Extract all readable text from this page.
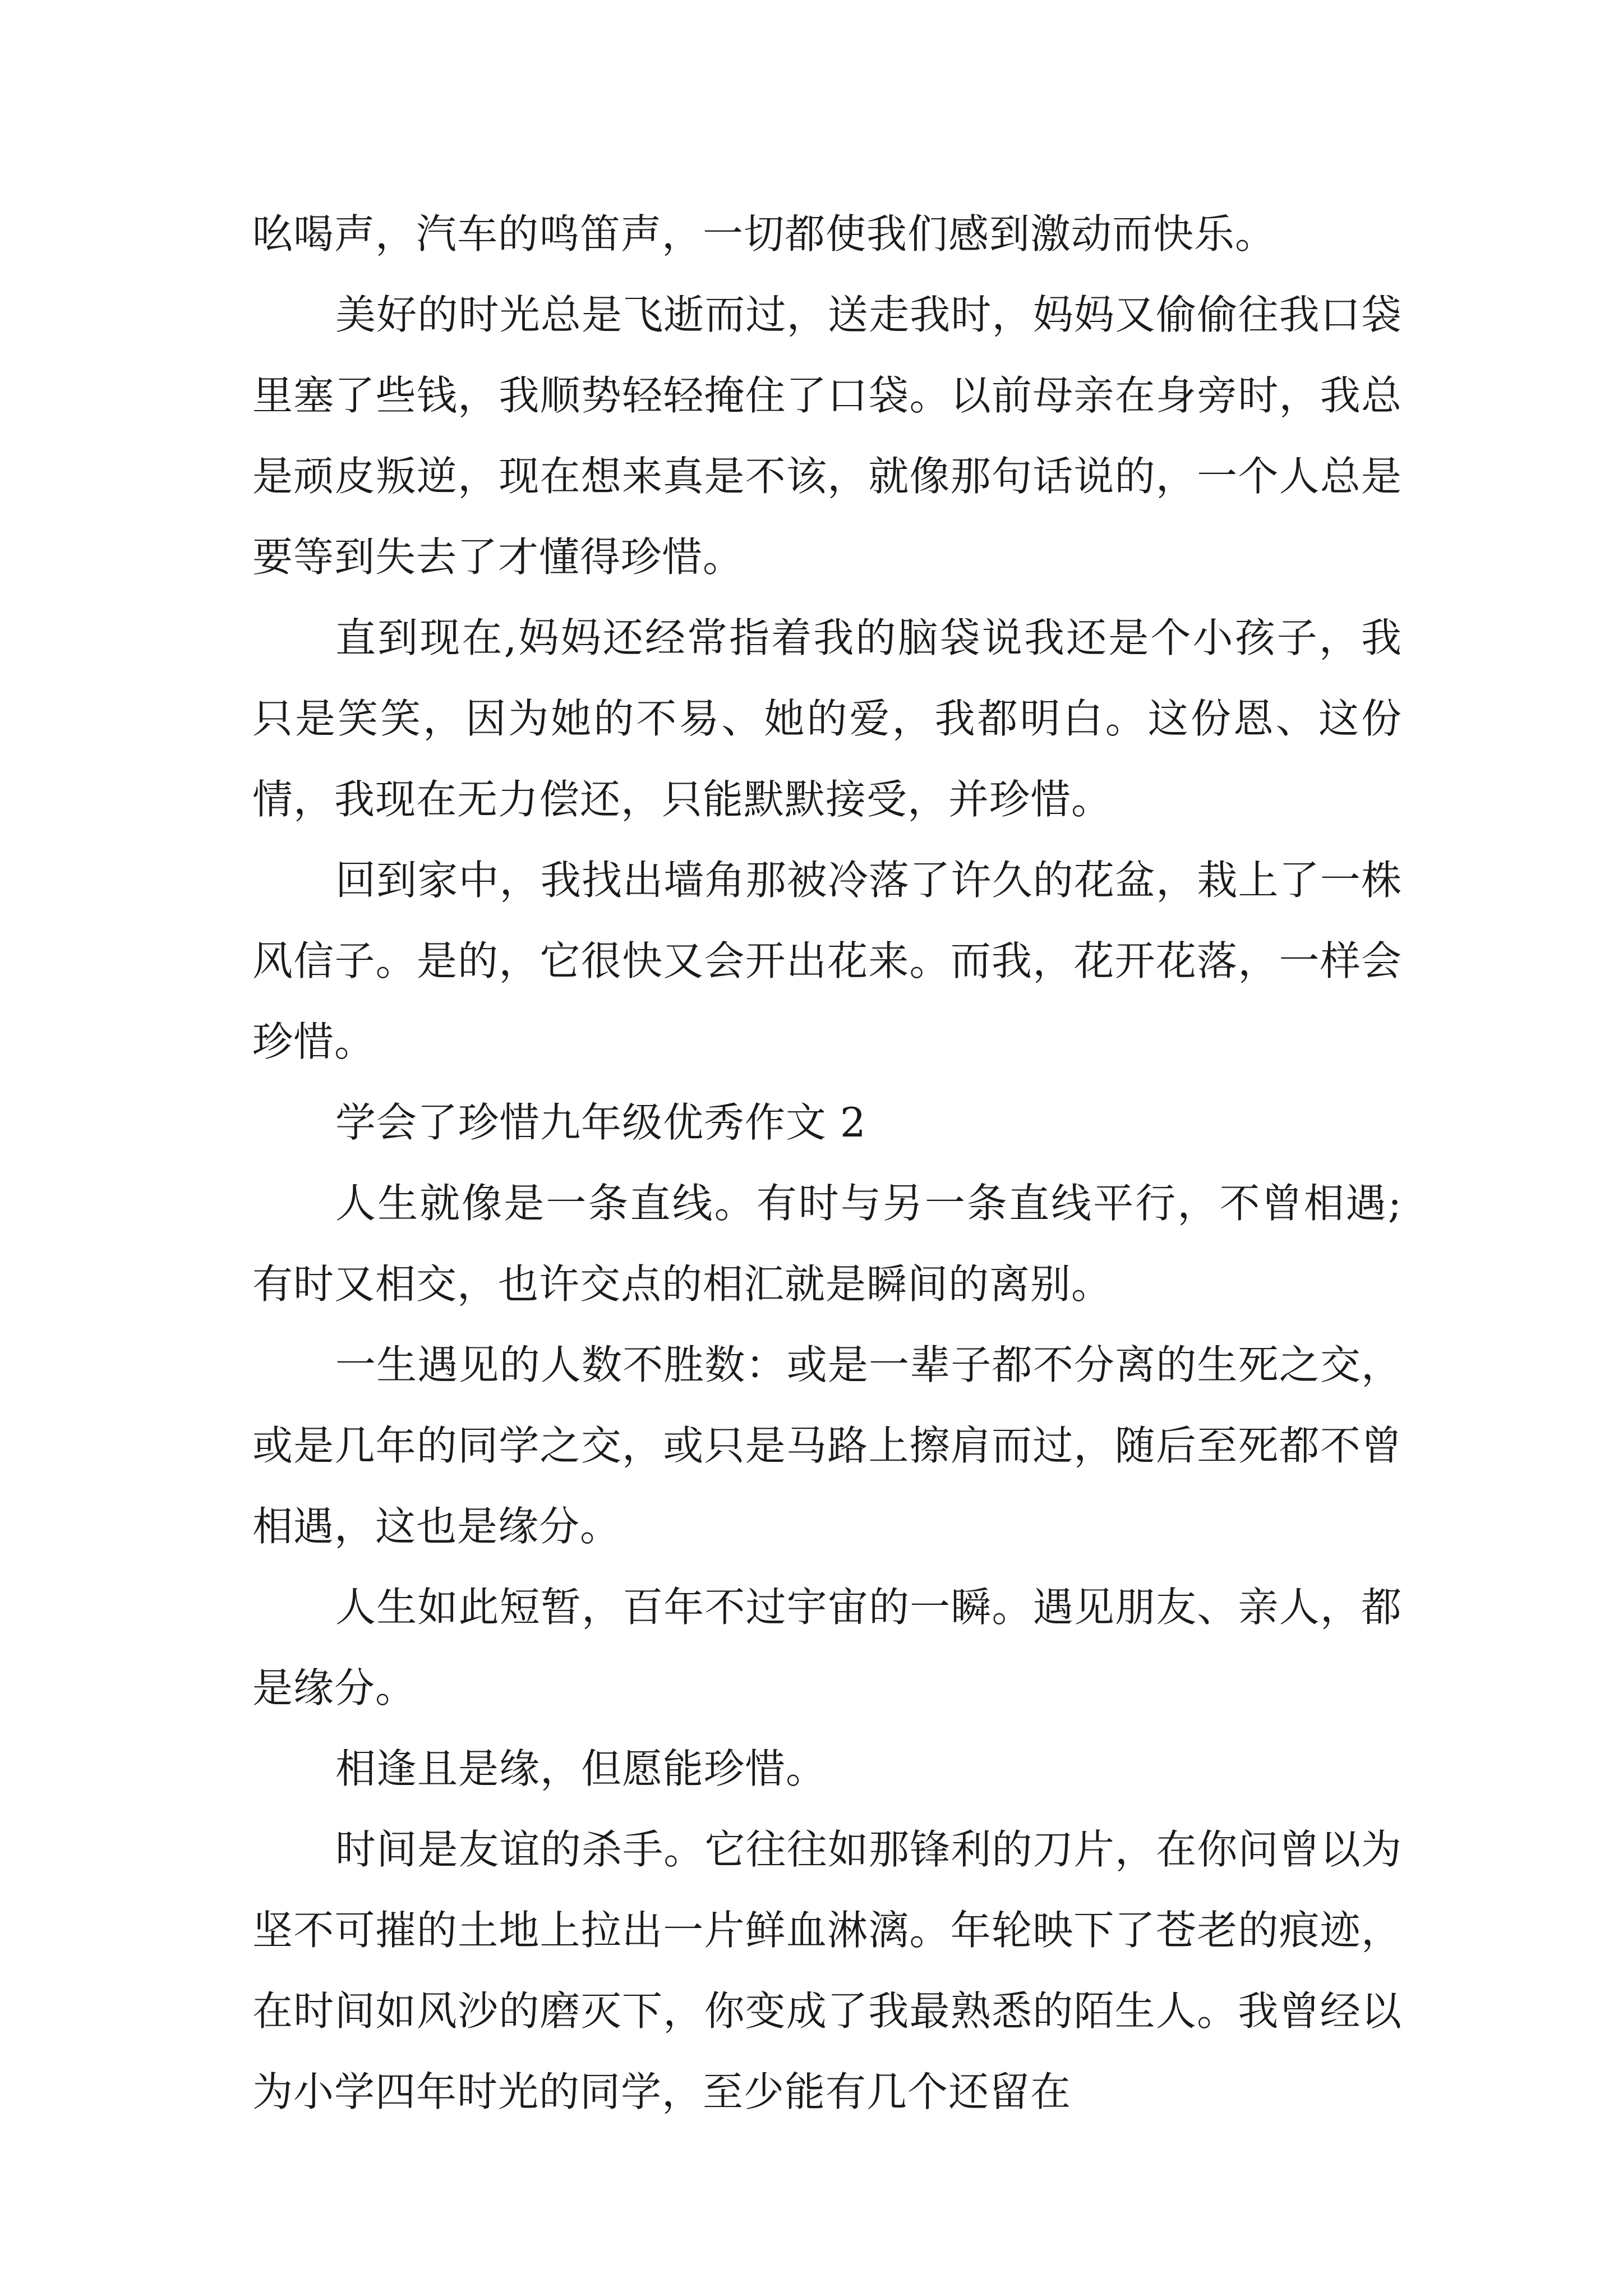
吆喝声，汽车的鸣笛声，一切都使我们感到激动而快乐。

美好的时光总是飞逝而过，送走我时，妈妈又偷偷往我口袋里塞了些钱，我顺势轻轻掩住了口袋。以前母亲在身旁时，我总是顽皮叛逆，现在想来真是不该，就像那句话说的，一个人总是要等到失去了才懂得珍惜。

直到现在,妈妈还经常指着我的脑袋说我还是个小孩子，我只是笑笑，因为她的不易、她的爱，我都明白。这份恩、这份情，我现在无力偿还，只能默默接受，并珍惜。

回到家中，我找出墙角那被冷落了许久的花盆，栽上了一株风信子。是的，它很快又会开出花来。而我，花开花落，一样会珍惜。

学会了珍惜九年级优秀作文 2

人生就像是一条直线。有时与另一条直线平行，不曾相遇;有时又相交，也许交点的相汇就是瞬间的离别。

一生遇见的人数不胜数：或是一辈子都不分离的生死之交，或是几年的同学之交，或只是马路上擦肩而过，随后至死都不曾相遇，这也是缘分。

人生如此短暂，百年不过宇宙的一瞬。遇见朋友、亲人，都是缘分。

相逢且是缘，但愿能珍惜。

时间是友谊的杀手。它往往如那锋利的刀片，在你问曾以为坚不可摧的土地上拉出一片鲜血淋漓。年轮映下了苍老的痕迹，在时间如风沙的磨灭下，你变成了我最熟悉的陌生人。我曾经以为小学四年时光的同学，至少能有几个还留在
